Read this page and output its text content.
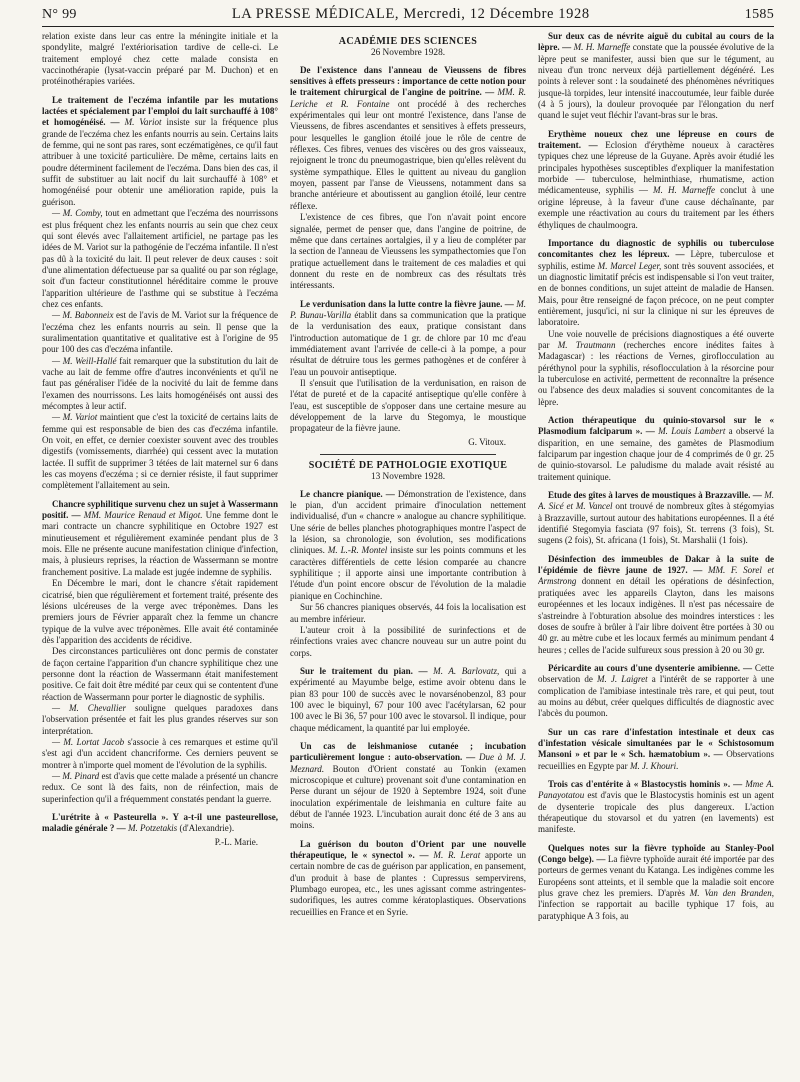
N° 99	LA PRESSE MÉDICALE, Mercredi, 12 Décembre 1928	1585

relation existe dans leur cas entre la méningite initiale et la spondylite, malgré l'extériorisation tardive de celle-ci. Le traitement employé chez cette malade consista en vaccinothérapie (lysat-vaccin préparé par M. Duchon) et en protéinothérapies variées.

Le traitement de l'eczéma infantile par les mutations lactées et spécialement par l'emploi du lait surchauffé à 108° et homogénéisé. — M. Variot insiste sur la fréquence plus grande de l'eczéma chez les enfants nourris au sein. Certains laits de femme, qui ne sont pas rares, sont eczématigènes, ce qu'il faut attribuer à une toxicité particulière. De même, certains laits en poudre déterminent facilement de l'eczéma. Dans bien des cas, il suffit de substituer au lait nocif du lait surchauffé à 108° et homogénéisé pour obtenir une amélioration rapide, puis la guérison.

— M. Comby, tout en admettant que l'eczéma des nourrissons est plus fréquent chez les enfants nourris au sein que chez ceux qui sont élevés avec l'allaitement artificiel, ne partage pas les idées de M. Variot sur la pathogénie de l'eczéma infantile. Il n'est pas dû à la toxicité du lait. Il peut relever de deux causes : soit d'une alimentation défectueuse par sa qualité ou par son réglage, soit d'un facteur constitutionnel héréditaire comme le prouve l'apparition ultérieure de l'asthme qui se substitue à l'eczéma chez ces enfants.

— M. Babonneix est de l'avis de M. Variot sur la fréquence de l'eczéma chez les enfants nourris au sein. Il pense que la suralimentation quantitative et qualitative est à l'origine de 95 pour 100 des cas d'eczéma infantile.

— M. Weill-Hallé fait remarquer que la substitution du lait de vache au lait de femme offre d'autres inconvénients et qu'il ne faut pas généraliser l'idée de la nocivité du lait de femme dans l'examen des nourrissons. Les laits homogénéisés ont aussi des mécomptes à leur actif.

— M. Variot maintient que c'est la toxicité de certains laits de femme qui est responsable de bien des cas d'eczéma infantile. On voit, en effet, ce dernier coexister souvent avec des troubles digestifs (vomissements, diarrhée) qui cessent avec la mutation lactée. Il suffit de supprimer 3 tétées de lait maternel sur 6 dans les cas moyens d'eczéma ; si ce dernier résiste, il faut supprimer complètement l'allaitement au sein.

Chancre syphilitique survenu chez un sujet à Wassermann positif. — MM. Maurice Renaud et Migot. Une femme dont le mari contracte un chancre syphilitique en Octobre 1927 est minutieusement et régulièrement examinée pendant plus de 3 mois. Elle ne présente aucune manifestation clinique d'infection, mais, à plusieurs reprises, la réaction de Wassermann se montre franchement positive. La malade est jugée indemne de syphilis.

En Décembre le mari, dont le chancre s'était rapidement cicatrisé, bien que régulièrement et fortement traité, présente des lésions ulcéreuses de la verge avec tréponèmes. Dans les premiers jours de Février apparaît chez la femme un chancre typique de la vulve avec tréponèmes. Elle avait été contaminée dès l'apparition des accidents de récidive.

Des circonstances particulières ont donc permis de constater de façon certaine l'apparition d'un chancre syphilitique chez une personne dont la réaction de Wassermann était manifestement positive. Ce fait doit être médité par ceux qui se contentent d'une réaction de Wassermann pour porter le diagnostic de syphilis.

— M. Chevallier souligne quelques paradoxes dans l'observation présentée et fait les plus grandes réserves sur son interprétation.

— M. Lortat Jacob s'associe à ces remarques et estime qu'il s'est agi d'un accident chancriforme. Ces derniers peuvent se montrer à n'importe quel moment de l'évolution de la syphilis.

— M. Pinard est d'avis que cette malade a présenté un chancre redux. Ce sont là des faits, non de réinfection, mais de superinfection qu'il a fréquemment constatés pendant la guerre.

L'urétrite à « Pasteurella ». Y a-t-il une pasteurellose, maladie générale ? — M. Potzetakis (d'Alexandrie).

P.-L. Marie.

ACADÉMIE DES SCIENCES

26 Novembre 1928.

De l'existence dans l'anneau de Vieussens de fibres sensitives à effets presseurs : importance de cette notion pour le traitement chirurgical de l'angine de poitrine. — MM. R. Leriche et R. Fontaine ont procédé à des recherches expérimentales qui leur ont montré l'existence, dans l'anse de Vieussens, de fibres ascendantes et sensitives à effets presseurs, pour lesquelles le ganglion étoilé joue le rôle de centre de réflexes. Ces fibres, venues des viscères ou des gros vaisseaux, rejoignent le tronc du pneumogastrique, bien qu'elles relèvent du système sympathique. Elles le quittent au niveau du ganglion moyen, passent par l'anse de Vieussens, notamment dans sa branche antérieure et aboutissent au ganglion étoilé, leur centre réflexe.

L'existence de ces fibres, que l'on n'avait point encore signalée, permet de penser que, dans l'angine de poitrine, de même que dans certaines aortalgies, il y a lieu de compléter par la section de l'anneau de Vieussens les sympathectomies que l'on pratique actuellement dans le traitement de ces maladies et qui donnent du reste en de nombreux cas des résultats très intéressants.

Le verdunisation dans la lutte contre la fièvre jaune. — M. P. Bunau-Varilla établit dans sa communication que la pratique de la verdunisation des eaux, pratique consistant dans l'introduction automatique de 1 gr. de chlore par 10 mc d'eau immédiatement avant l'arrivée de celle-ci à la pompe, a pour résultat de détruire tous les germes pathogènes et de conférer à l'eau un pouvoir antiseptique.

Il s'ensuit que l'utilisation de la verdunisation, en raison de l'état de pureté et de la capacité antiseptique qu'elle confère à l'eau, est susceptible de s'opposer dans une certaine mesure au développement de la larve du Stegomya, le moustique propagateur de la fièvre jaune.

G. Vitoux.

SOCIÉTÉ DE PATHOLOGIE EXOTIQUE

13 Novembre 1928.

Le chancre pianique. — Démonstration de l'existence, dans le pian, d'un accident primaire d'inoculation nettement individualisé, d'un « chancre » analogue au chancre syphilitique. Une série de belles planches photographiques montre l'aspect de la lésion, sa chronologie, son évolution, ses modifications cliniques. M. L.-R. Montel insiste sur les points communs et les caractères différentiels de cette lésion comparée au chancre syphilitique ; il apporte ainsi une importante contribution à l'étude d'un point encore obscur de l'évolution de la maladie pianique en Cochinchine.

Sur 56 chancres pianiques observés, 44 fois la localisation est au membre inférieur.

L'auteur croit à la possibilité de surinfections et de réinfections vraies avec chancre nouveau sur un autre point du corps.

Sur le traitement du pian. — M. A. Barlovatz, qui a expérimenté au Mayumbe belge, estime avoir obtenu dans le pian 83 pour 100 de succès avec le novarsénobenzol, 83 pour 100 avec le biquinyl, 67 pour 100 avec l'acétylarsan, 62 pour 100 avec le Bi 36, 57 pour 100 avec le stovarsol. Il indique, pour chaque médicament, la quantité par lui employée.

Un cas de leishmaniose cutanée ; incubation particulièrement longue : auto-observation. — Due à M. J. Meznard. Bouton d'Orient constaté au Tonkin (examen microscopique et culture) provenant soit d'une contamination en Perse durant un séjour de 1920 à Septembre 1924, soit d'une inoculation expérimentale de leishmania en culture faite au début de l'année 1923. L'incubation aurait donc été de 3 ans au moins.

La guérison du bouton d'Orient par une nouvelle thérapeutique, le « synectol ». — M. R. Lerat apporte un certain nombre de cas de guérison par application, en pansement, d'un produit à base de plantes : Cupressus sempervirens, Plumbago europea, etc., les unes agissant comme astringentes-sudorifiques, les autres comme kératoplastiques. Observations recueillies en France et en Syrie.

Sur deux cas de névrite aiguë du cubital au cours de la lèpre. — M. H. Marneffe constate que la poussée évolutive de la lèpre peut se manifester, aussi bien que sur le tégument, au niveau d'un tronc nerveux déjà partiellement dégénéré. Les points à relever sont : la soudaineté des phénomènes névritiques jusque-là torpides, leur intensité inaccoutumée, leur faible durée (4 à 5 jours), la douleur provoquée par l'élongation du nerf quand le sujet veut fléchir l'avant-bras sur le bras.

Erythème noueux chez une lépreuse en cours de traitement. — Eclosion d'érythème noueux à caractères typiques chez une lépreuse de la Guyane. Après avoir étudié les principales hypothèses susceptibles d'expliquer la manifestation morbide — tuberculose, helminthiase, rhumatisme, action médicamenteuse, syphilis — M. H. Marneffe conclut à une origine lépreuse, à la faveur d'une cause déchaînante, par exemple une réactivation au cours du traitement par les éthers éthyliques de chaulmoogra.

Importance du diagnostic de syphilis ou tuberculose concomitantes chez les lépreux. — Lèpre, tuberculose et syphilis, estime M. Marcel Leger, sont très souvent associées, et un diagnostic limitatif précis est indispensable si l'on veut traiter, en de bonnes conditions, un sujet atteint de maladie de Hansen. Mais, pour être renseigné de façon précoce, on ne peut compter entièrement, jusqu'ici, ni sur la clinique ni sur les épreuves de laboratoire.

Une voie nouvelle de précisions diagnostiques a été ouverte par M. Trautmann (recherches encore inédites faites à Madagascar) : les réactions de Vernes, giroflocculation au péréthynol pour la syphilis, résoflocculation à la résorcine pour la tuberculose en activité, permettent de reconnaître la présence ou l'absence des deux maladies si souvent concomitantes de la lèpre.

Action thérapeutique du quinio-stovarsol sur le « Plasmodium falciparum ». — M. Louis Lambert a observé la disparition, en une semaine, des gamètes de Plasmodium falciparum par ingestion chaque jour de 4 comprimés de 0 gr. 25 de quinio-stovarsol. Le paludisme du malade avait résisté au traitement quinique.

Etude des gîtes à larves de moustiques à Brazzaville. — M. A. Sicé et M. Vancel ont trouvé de nombreux gîtes à stégomyias à Brazzaville, surtout autour des habitations européennes. Il a été identifié Stegomyia fasciata (97 fois), St. terrens (3 fois), St. sugens (2 fois), St. africana (1 fois), St. Marshalii (1 fois).

Désinfection des immeubles de Dakar à la suite de l'épidémie de fièvre jaune de 1927. — MM. F. Sorel et Armstrong donnent en détail les opérations de désinfection, pratiquées avec les appareils Clayton, dans les maisons européennes et les locaux indigènes. Il n'est pas nécessaire de s'astreindre à l'obturation absolue des moindres interstices : les doses de soufre à brûler à l'air libre doivent être portées à 30 ou 40 gr. au mètre cube et les locaux fermés au minimum pendant 4 heures ; celles de l'acide sulfureux sous pression à 20 ou 30 gr.

Péricardite au cours d'une dysenterie amibienne. — Cette observation de M. J. Laigret a l'intérêt de se rapporter à une complication de l'amibiase intestinale très rare, et qui peut, tout au moins au début, créer quelques difficultés de diagnostic avec l'abcès du poumon.

Sur un cas rare d'infestation intestinale et deux cas d'infestation vésicale simultanées par le « Schistosomum Mansoni » et par le « Sch. hæmatobium ». — Observations recueillies en Egypte par M. J. Khouri.

Trois cas d'entérite à « Blastocystis hominis ». — Mme A. Panayotatou est d'avis que le Blastocystis hominis est un agent de dysenterie tropicale des plus dangereux. L'action thérapeutique du stovarsol et du yatren (en lavements) est manifeste.

Quelques notes sur la fièvre typhoïde au Stanley-Pool (Congo belge). — La fièvre typhoïde aurait été importée par des porteurs de germes venant du Katanga. Les indigènes comme les Européens sont atteints, et il semble que la maladie soit encore plus grave chez les premiers. D'après M. Van den Branden, l'infection se rapportait au bacille typhique 17 fois, au paratyphique A 3 fois, au
